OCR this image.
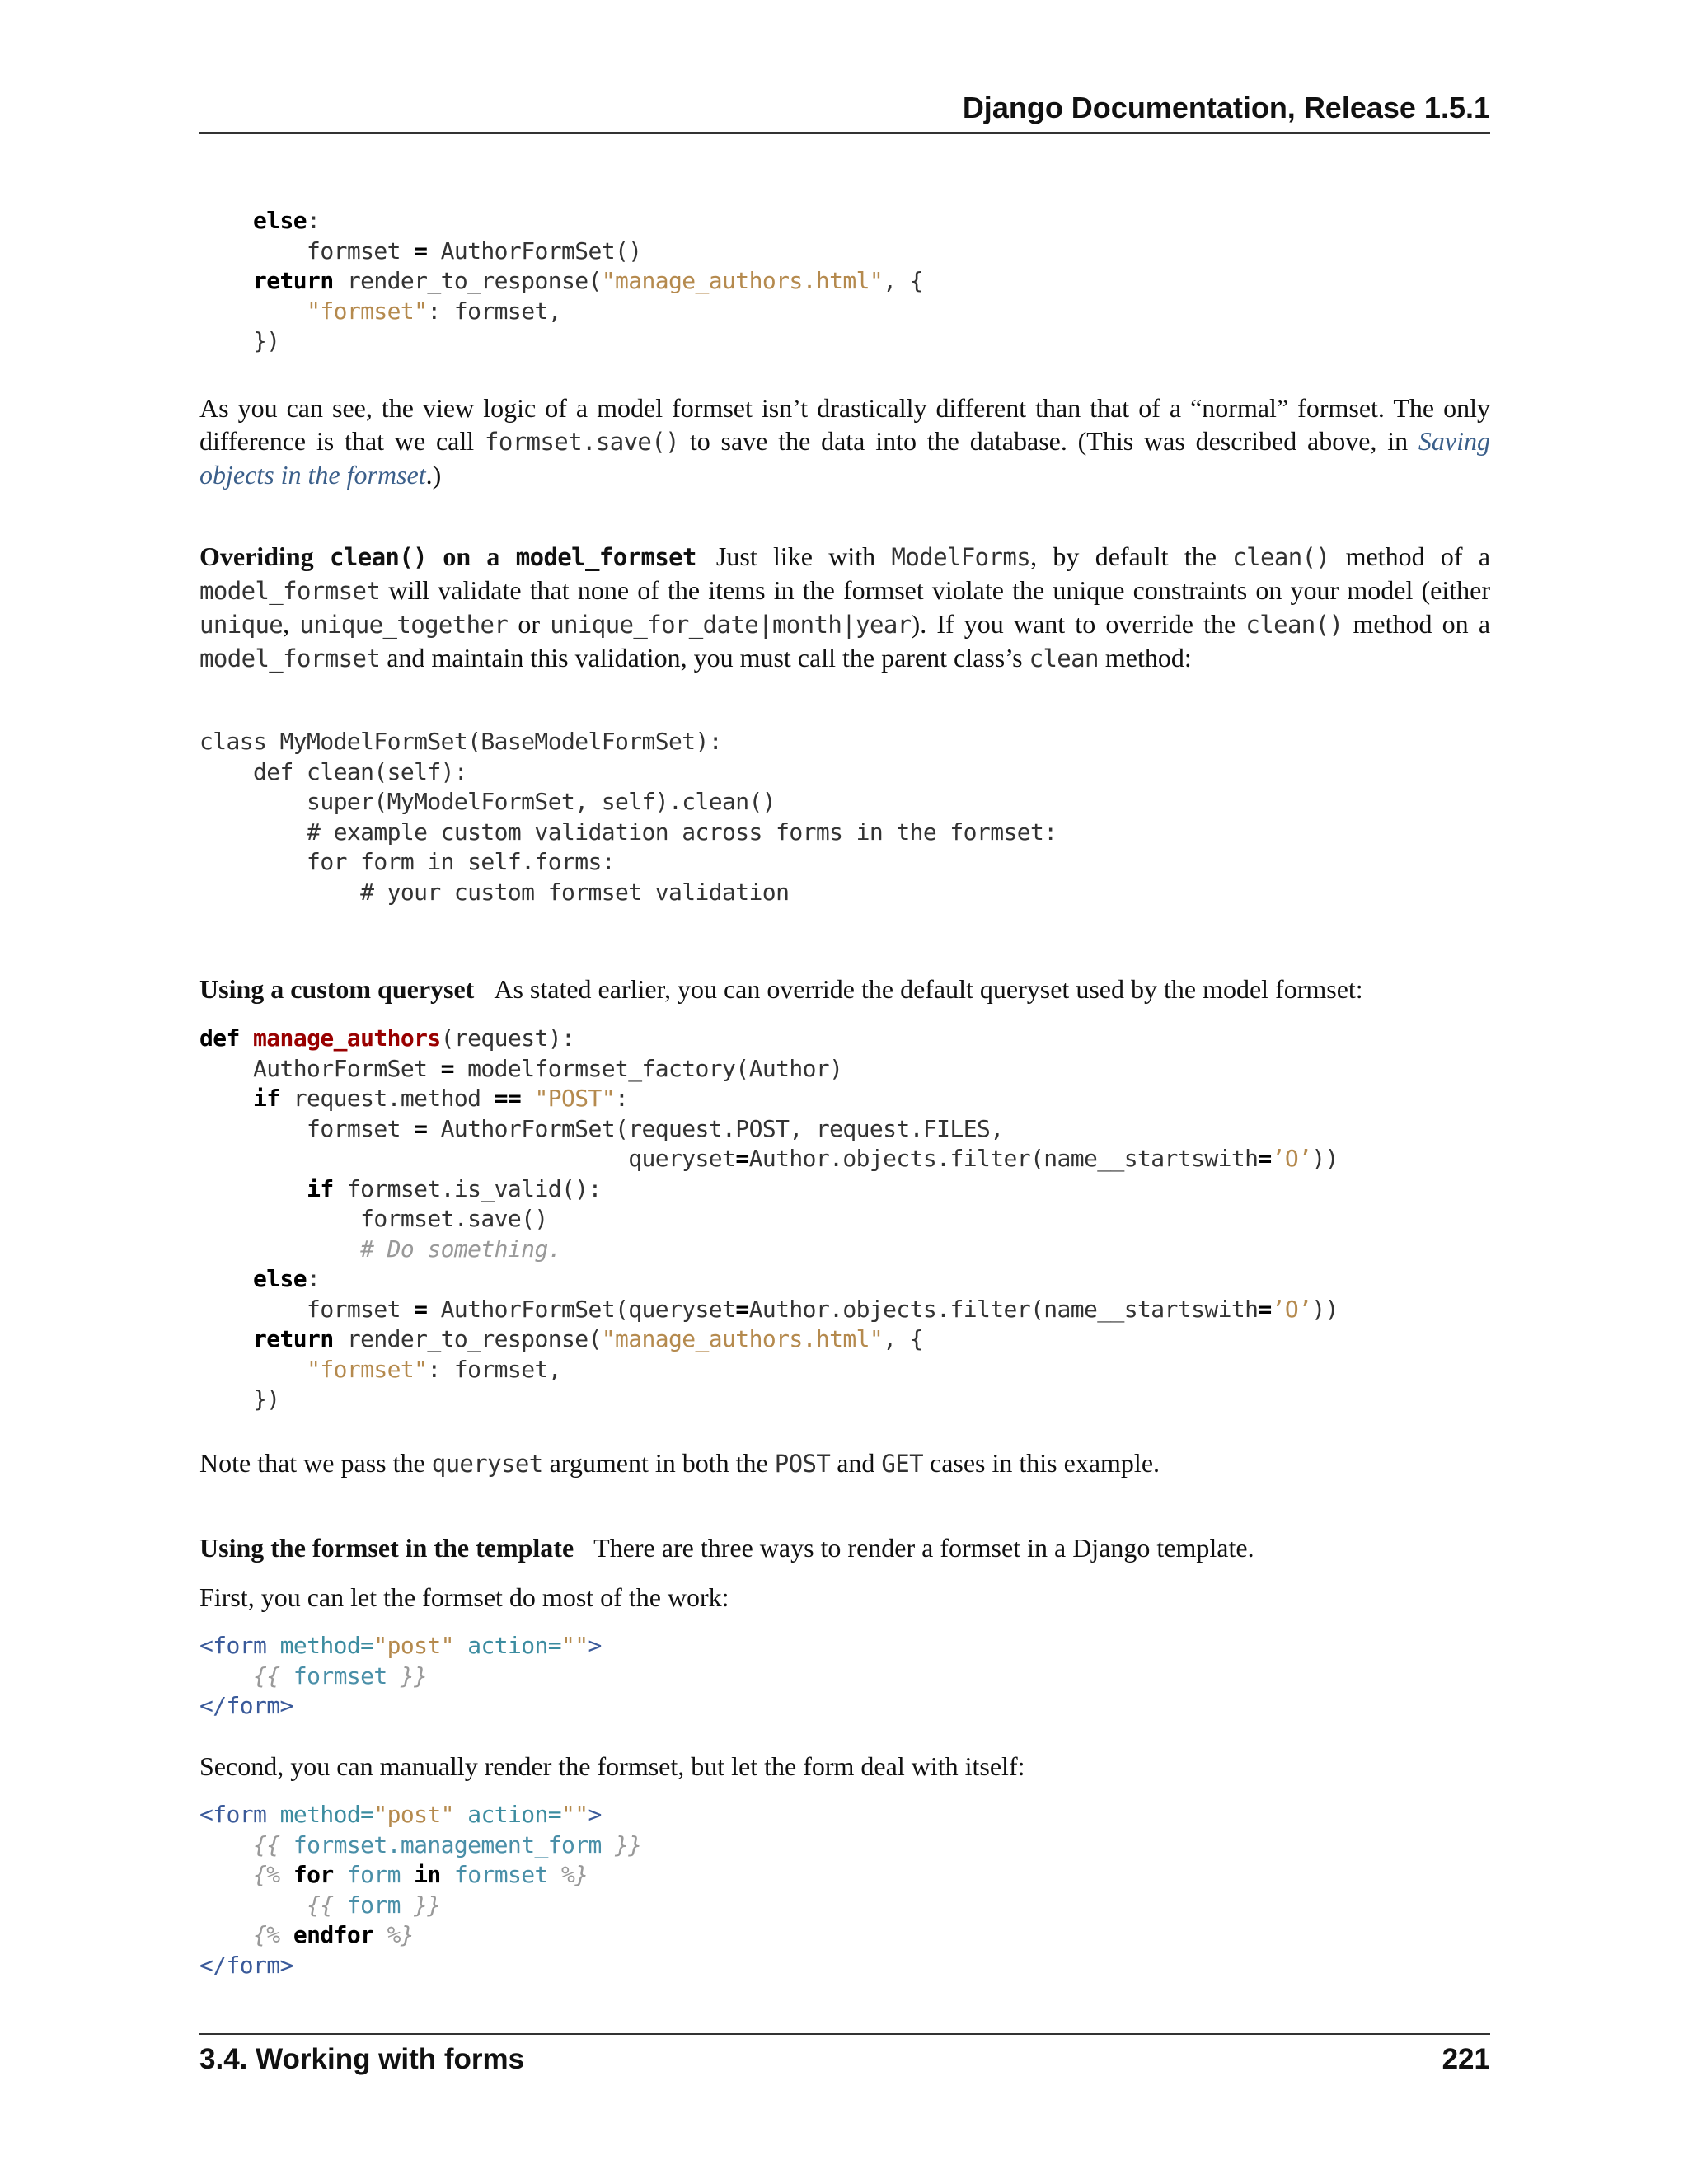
Django Documentation, Release 1.5.1
else:
formset = AuthorFormSet()
return render_to_response("manage_authors.html", {
"formset": formset,
})

As you can see, the view logic of a model formset isn’t drastically different than that of a “normal” formset. The only difference is that we call formset.save() to save the data into the database. (This was described above, in Saving objects in the formset.)

Overiding clean() on a model_formset Just like with ModelForms, by default the clean() method of a model_formset will validate that none of the items in the formset violate the unique constraints on your model (either unique, unique_together or unique_for_date|month|year). If you want to override the clean() method on a model_formset and maintain this validation, you must call the parent class’s clean method:

class MyModelFormSet(BaseModelFormSet):
def clean(self):
super(MyModelFormSet, self).clean()
# example custom validation across forms in the formset:
for form in self.forms:
# your custom formset validation

Using a custom queryset As stated earlier, you can override the default queryset used by the model formset:

def manage_authors(request):
AuthorFormSet = modelformset_factory(Author)
if request.method == "POST":
formset = AuthorFormSet(request.POST, request.FILES,
queryset=Author.objects.filter(name__startswith=’O’))
if formset.is_valid():
formset.save()
# Do something.
else:
formset = AuthorFormSet(queryset=Author.objects.filter(name__startswith=’O’))
return render_to_response("manage_authors.html", {
"formset": formset,
})

Note that we pass the queryset argument in both the POST and GET cases in this example.

Using the formset in the template There are three ways to render a formset in a Django template.

First, you can let the formset do most of the work:

<form method="post" action="">
{{ formset }}
</form>

Second, you can manually render the formset, but let the form deal with itself:

<form method="post" action="">
{{ formset.management_form }}
{% for form in formset %}
{{ form }}
{% endfor %}
</form>
3.4. Working with forms	221
